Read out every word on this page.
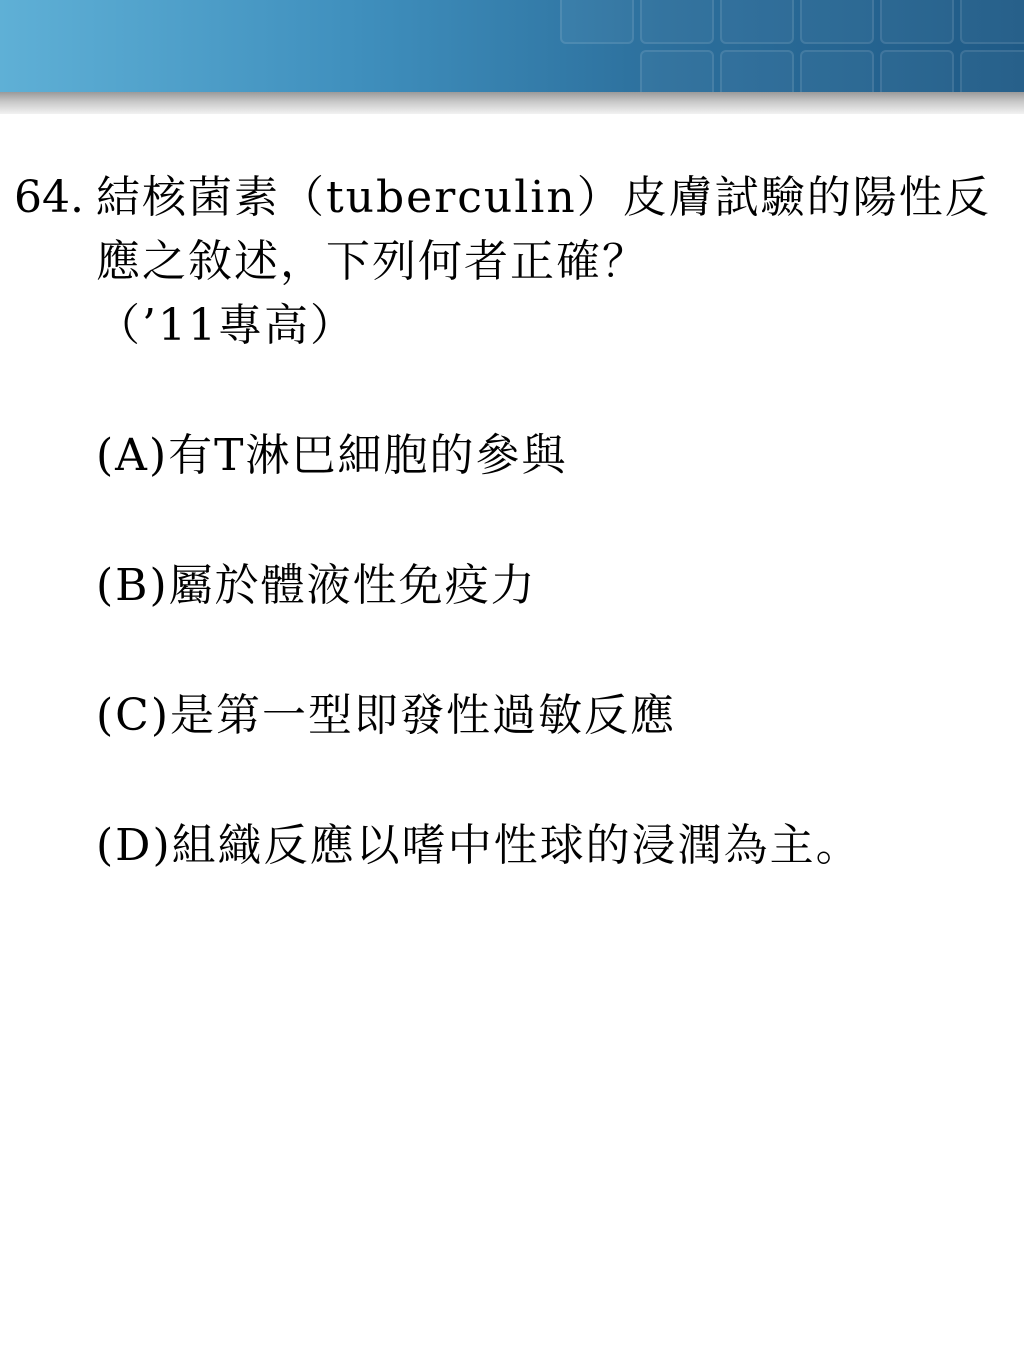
64. 結核菌素（tuberculin）皮膚試驗的陽性反應之敘述，下列何者正確？
（’11專高）
(A)有T淋巴細胞的參與
(B)屬於體液性免疫力
(C)是第一型即發性過敏反應
(D)組織反應以嗜中性球的浸潤為主。
